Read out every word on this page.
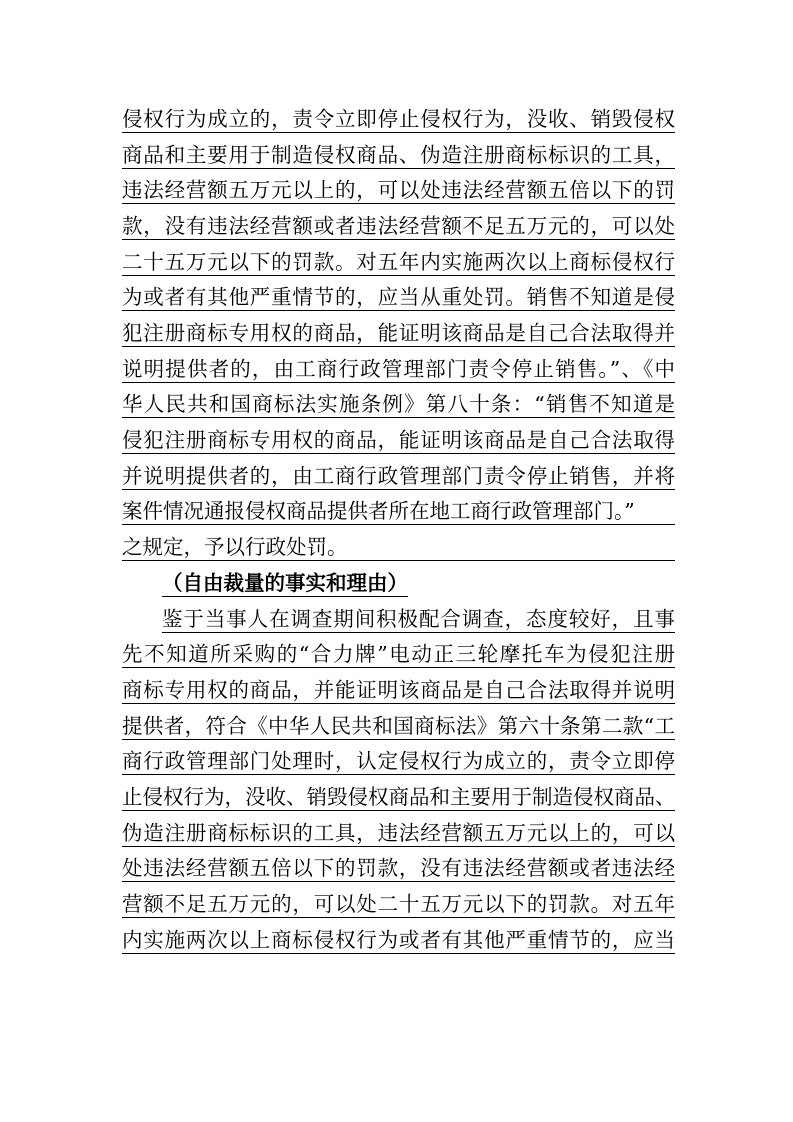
侵权行为成立的，责令立即停止侵权行为，没收、销毁侵权
商品和主要用于制造侵权商品、伪造注册商标标识的工具，
违法经营额五万元以上的，可以处违法经营额五倍以下的罚
款，没有违法经营额或者违法经营额不足五万元的，可以处
二十五万元以下的罚款。对五年内实施两次以上商标侵权行
为或者有其他严重情节的，应当从重处罚。销售不知道是侵
犯注册商标专用权的商品，能证明该商品是自己合法取得并
说明提供者的，由工商行政管理部门责令停止销售。”、《中
华人民共和国商标法实施条例》第八十条：“销售不知道是
侵犯注册商标专用权的商品，能证明该商品是自己合法取得
并说明提供者的，由工商行政管理部门责令停止销售，并将
案件情况通报侵权商品提供者所在地工商行政管理部门。”
之规定，予以行政处罚。
（自由裁量的事实和理由）
鉴于当事人在调查期间积极配合调查，态度较好，且事
先不知道所采购的“合力牌”电动正三轮摩托车为侵犯注册
商标专用权的商品，并能证明该商品是自己合法取得并说明
提供者，符合《中华人民共和国商标法》第六十条第二款“工
商行政管理部门处理时，认定侵权行为成立的，责令立即停
止侵权行为，没收、销毁侵权商品和主要用于制造侵权商品、
伪造注册商标标识的工具，违法经营额五万元以上的，可以
处违法经营额五倍以下的罚款，没有违法经营额或者违法经
营额不足五万元的，可以处二十五万元以下的罚款。对五年
内实施两次以上商标侵权行为或者有其他严重情节的，应当
